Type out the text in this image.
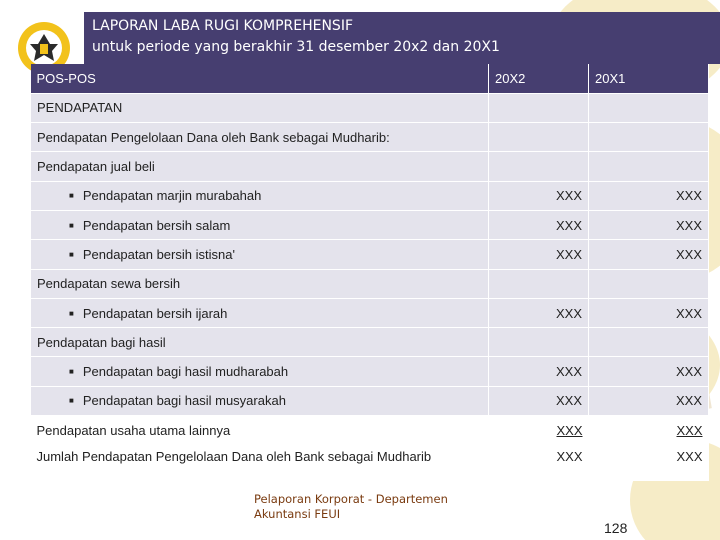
LAPORAN LABA RUGI KOMPREHENSIF
untuk periode yang berakhir 31 desember 20x2 dan 20X1
POS-POS	20X2	20X1
PENDAPATAN		
Pendapatan Pengelolaan Dana oleh Bank sebagai Mudharib:		
Pendapatan jual beli		
■ Pendapatan marjin murabahah	XXX	XXX
■ Pendapatan bersih salam	XXX	XXX
■ Pendapatan bersih istisna'	XXX	XXX
Pendapatan sewa bersih		
■ Pendapatan bersih ijarah	XXX	XXX
Pendapatan bagi hasil		
■ Pendapatan bagi hasil mudharabah	XXX	XXX
■ Pendapatan bagi hasil musyarakah	XXX	XXX
Pendapatan usaha utama lainnya	XXX	XXX
Jumlah Pendapatan Pengelolaan Dana oleh Bank sebagai Mudharib	XXX	XXX
Pelaporan Korporat - Departemen
Akuntansi FEUI
128
